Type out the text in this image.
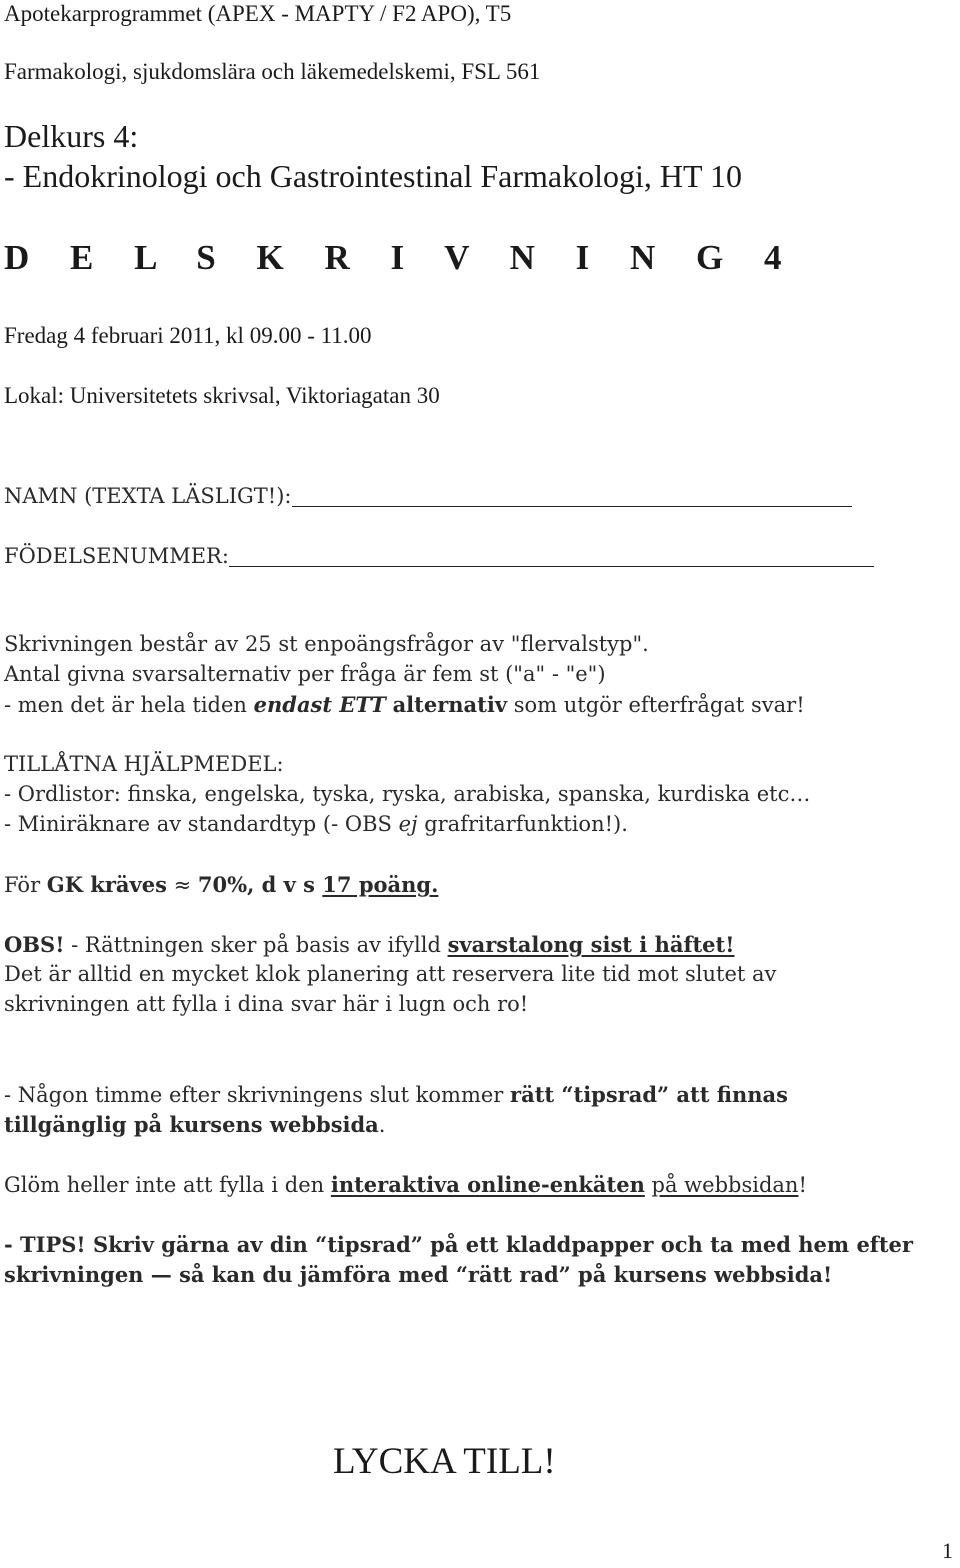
Apotekarprogrammet (APEX - MAPTY / F2 APO), T5
Farmakologi, sjukdomslära och läkemedelskemi, FSL 561
Delkurs 4:
- Endokrinologi och Gastrointestinal Farmakologi, HT 10
D E L S K R I V N I N G 4
Fredag 4 februari 2011, kl 09.00 - 11.00
Lokal: Universitetets skrivsal, Viktoriagatan 30
NAMN (TEXTA LÄSLIGT!):
FÖDELSENUMMER:
Skrivningen består av 25 st enpoängsfrågor av "flervalstyp".
Antal givna svarsalternativ per fråga är fem st ("a" - "e")
- men det är hela tiden endast ETT alternativ som utgör efterfrågat svar!
TILLÅTNA HJÄLPMEDEL:
- Ordlistor: finska, engelska, tyska, ryska, arabiska, spanska, kurdiska etc…
- Miniräknare av standardtyp (- OBS ej grafritarfunktion!).
För GK kräves ≈ 70%, d v s 17 poäng.
OBS! - Rättningen sker på basis av ifylld svarstalong sist i häftet!
Det är alltid en mycket klok planering att reservera lite tid mot slutet av
skrivningen att fylla i dina svar här i lugn och ro!
- Någon timme efter skrivningens slut kommer rätt “tipsrad” att finnas
tillgänglig på kursens webbsida.
Glöm heller inte att fylla i den interaktiva online-enkäten på webbsidan!
- TIPS! Skriv gärna av din “tipsrad” på ett kladdpapper och ta med hem efter
skrivningen — så kan du jämföra med “rätt rad” på kursens webbsida!
LYCKA TILL!
1
